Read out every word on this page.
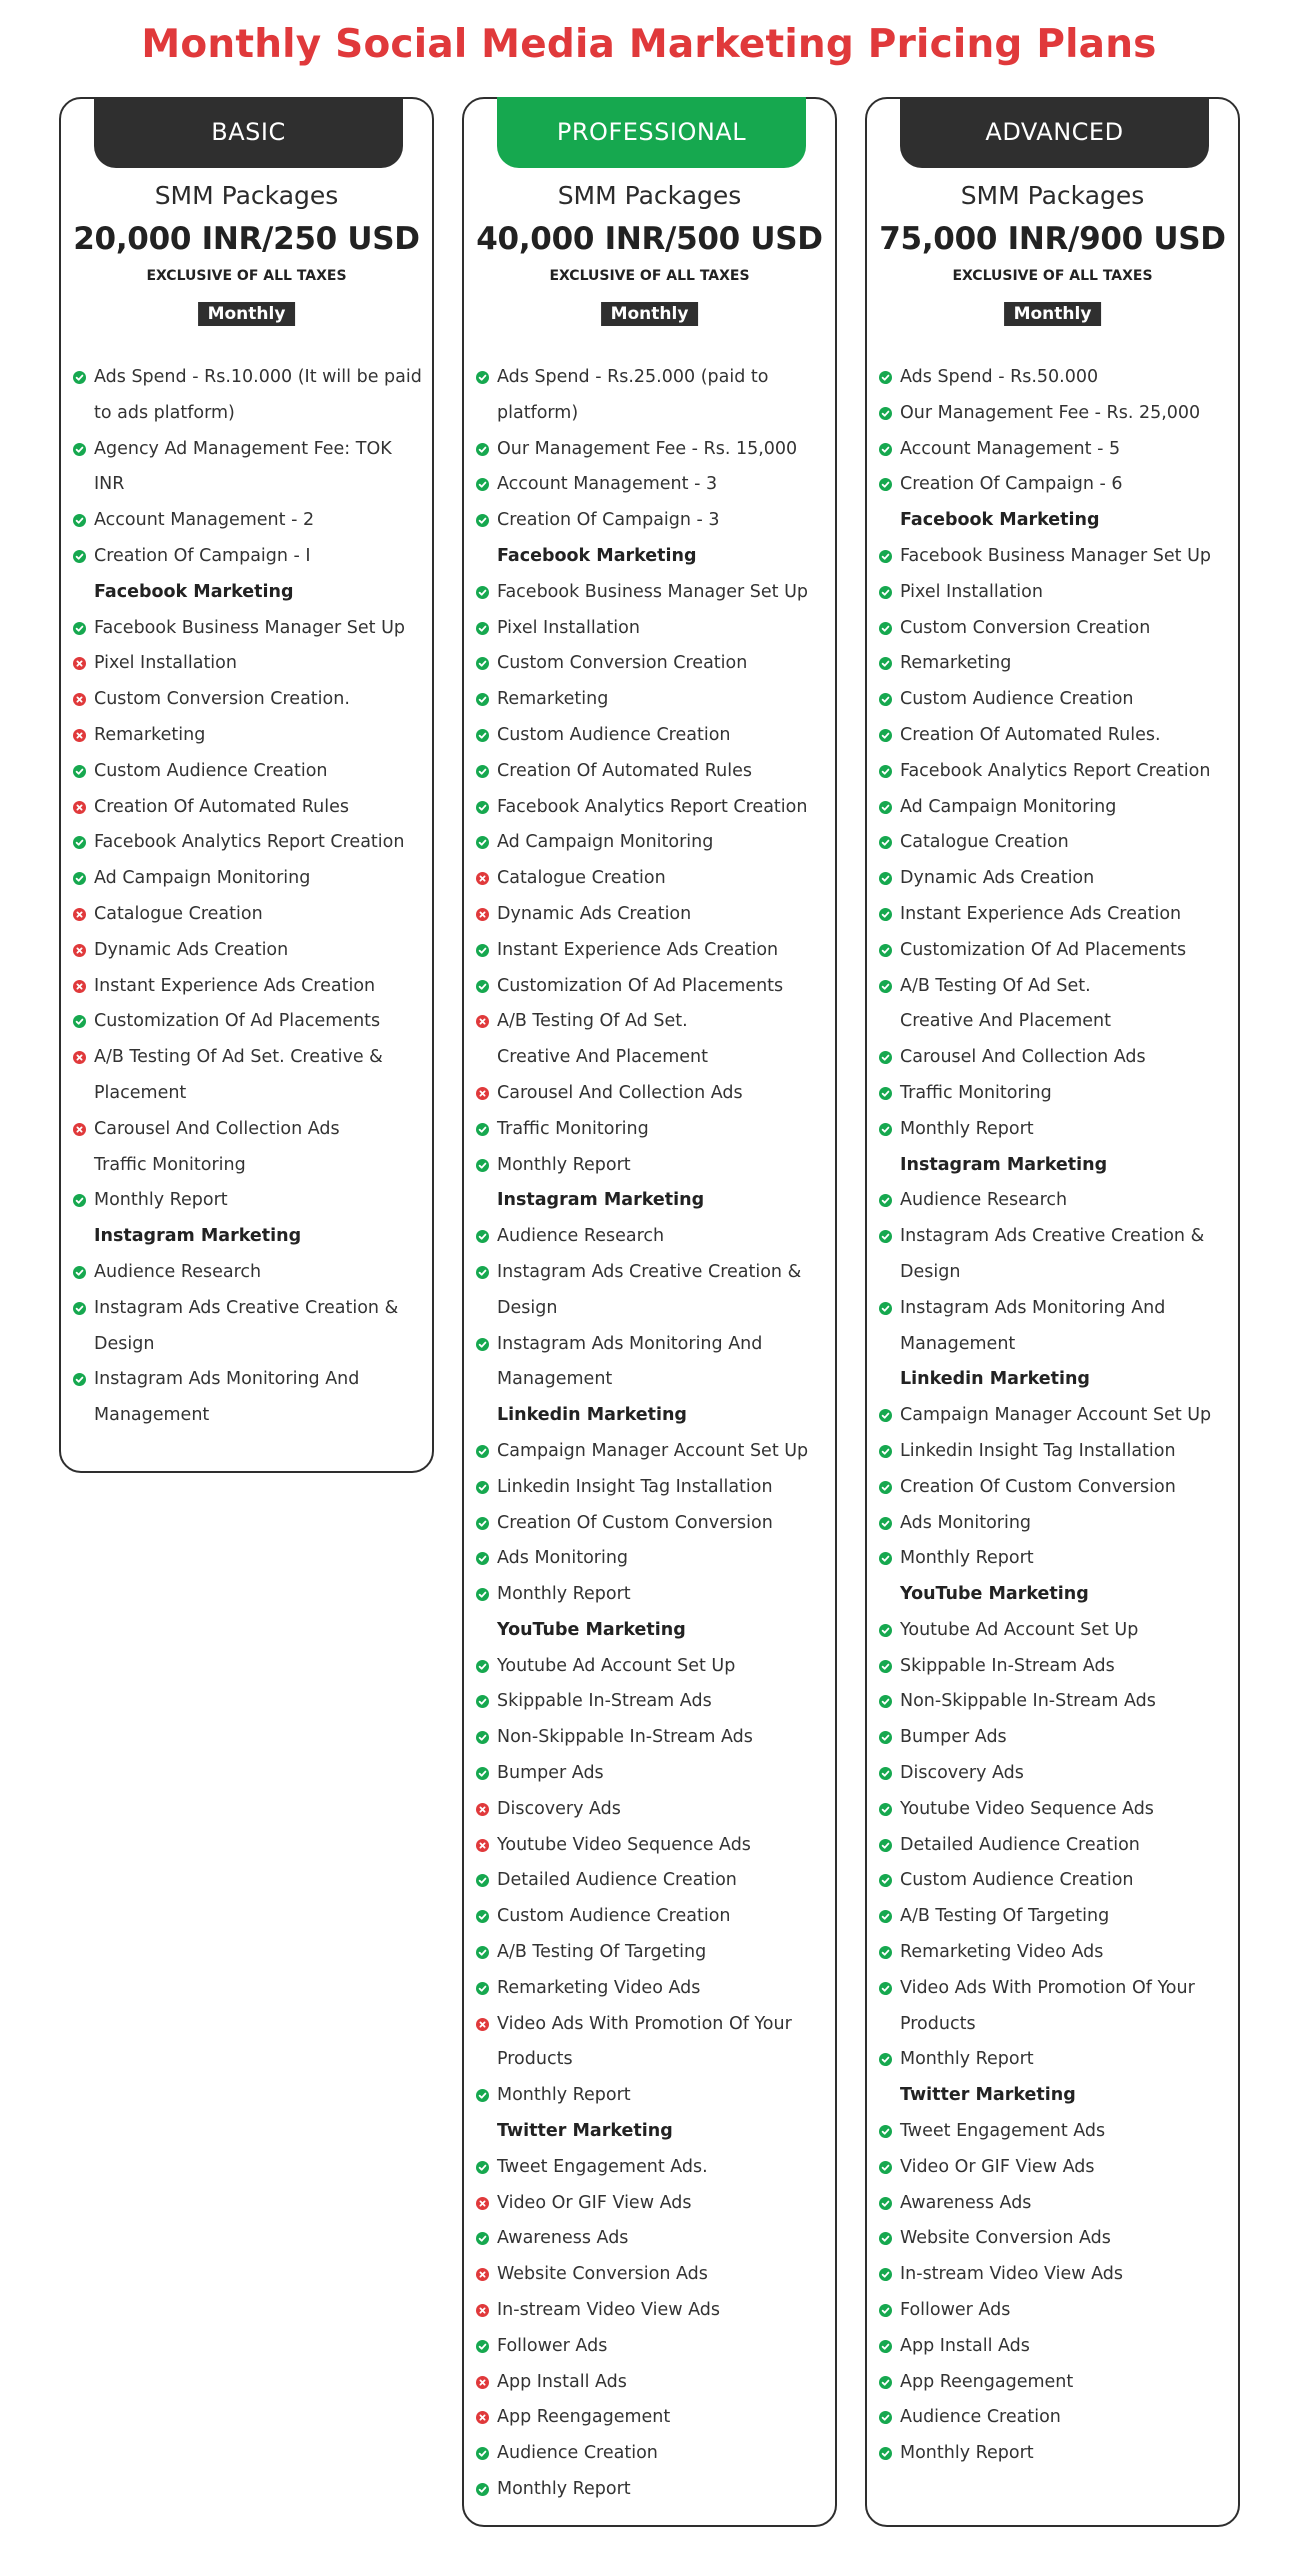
Monthly Social Media Marketing Pricing Plans
BASIC
SMM Packages
20,000 INR/250 USD
EXCLUSIVE OF ALL TAXES
Monthly
Ads Spend - Rs.10.000 (It will be paid
to ads platform)
Agency Ad Management Fee: TOK
INR
Account Management - 2
Creation Of Campaign - I
Facebook Marketing
Facebook Business Manager Set Up
Pixel Installation
Custom Conversion Creation.
Remarketing
Custom Audience Creation
Creation Of Automated Rules
Facebook Analytics Report Creation
Ad Campaign Monitoring
Catalogue Creation
Dynamic Ads Creation
Instant Experience Ads Creation
Customization Of Ad Placements
A/B Testing Of Ad Set. Creative &
Placement
Carousel And Collection Ads
Traffic Monitoring
Monthly Report
Instagram Marketing
Audience Research
Instagram Ads Creative Creation &
Design
Instagram Ads Monitoring And
Management
PROFESSIONAL
SMM Packages
40,000 INR/500 USD
EXCLUSIVE OF ALL TAXES
Monthly
Ads Spend - Rs.25.000 (paid to
platform)
Our Management Fee - Rs. 15,000
Account Management - 3
Creation Of Campaign - 3
Facebook Marketing
Facebook Business Manager Set Up
Pixel Installation
Custom Conversion Creation
Remarketing
Custom Audience Creation
Creation Of Automated Rules
Facebook Analytics Report Creation
Ad Campaign Monitoring
Catalogue Creation
Dynamic Ads Creation
Instant Experience Ads Creation
Customization Of Ad Placements
A/B Testing Of Ad Set.
Creative And Placement
Carousel And Collection Ads
Traffic Monitoring
Monthly Report
Instagram Marketing
Audience Research
Instagram Ads Creative Creation &
Design
Instagram Ads Monitoring And
Management
Linkedin Marketing
Campaign Manager Account Set Up
Linkedin Insight Tag Installation
Creation Of Custom Conversion
Ads Monitoring
Monthly Report
YouTube Marketing
Youtube Ad Account Set Up
Skippable In-Stream Ads
Non-Skippable In-Stream Ads
Bumper Ads
Discovery Ads
Youtube Video Sequence Ads
Detailed Audience Creation
Custom Audience Creation
A/B Testing Of Targeting
Remarketing Video Ads
Video Ads With Promotion Of Your
Products
Monthly Report
Twitter Marketing
Tweet Engagement Ads.
Video Or GIF View Ads
Awareness Ads
Website Conversion Ads
In-stream Video View Ads
Follower Ads
App Install Ads
App Reengagement
Audience Creation
Monthly Report
ADVANCED
SMM Packages
75,000 INR/900 USD
EXCLUSIVE OF ALL TAXES
Monthly
Ads Spend - Rs.50.000
Our Management Fee - Rs. 25,000
Account Management - 5
Creation Of Campaign - 6
Facebook Marketing
Facebook Business Manager Set Up
Pixel Installation
Custom Conversion Creation
Remarketing
Custom Audience Creation
Creation Of Automated Rules.
Facebook Analytics Report Creation
Ad Campaign Monitoring
Catalogue Creation
Dynamic Ads Creation
Instant Experience Ads Creation
Customization Of Ad Placements
A/B Testing Of Ad Set.
Creative And Placement
Carousel And Collection Ads
Traffic Monitoring
Monthly Report
Instagram Marketing
Audience Research
Instagram Ads Creative Creation &
Design
Instagram Ads Monitoring And
Management
Linkedin Marketing
Campaign Manager Account Set Up
Linkedin Insight Tag Installation
Creation Of Custom Conversion
Ads Monitoring
Monthly Report
YouTube Marketing
Youtube Ad Account Set Up
Skippable In-Stream Ads
Non-Skippable In-Stream Ads
Bumper Ads
Discovery Ads
Youtube Video Sequence Ads
Detailed Audience Creation
Custom Audience Creation
A/B Testing Of Targeting
Remarketing Video Ads
Video Ads With Promotion Of Your
Products
Monthly Report
Twitter Marketing
Tweet Engagement Ads
Video Or GIF View Ads
Awareness Ads
Website Conversion Ads
In-stream Video View Ads
Follower Ads
App Install Ads
App Reengagement
Audience Creation
Monthly Report
